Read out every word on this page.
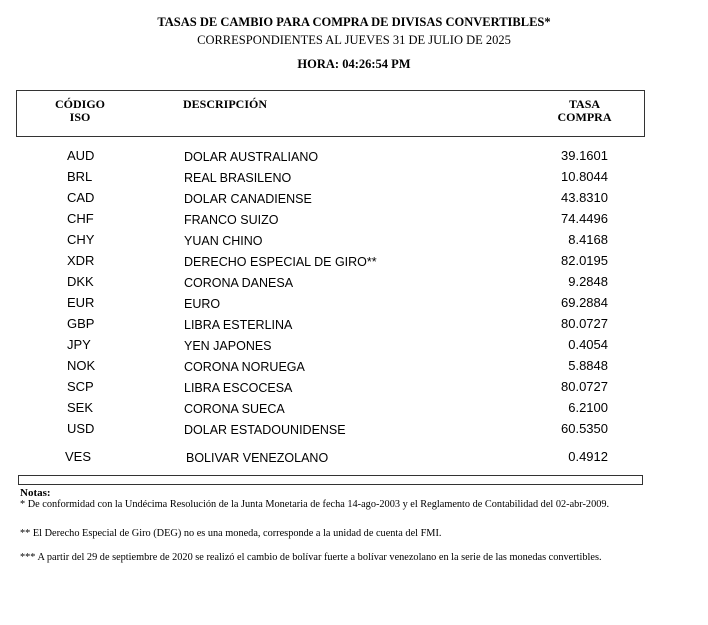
TASAS DE CAMBIO PARA COMPRA DE DIVISAS CONVERTIBLES*
CORRESPONDIENTES AL JUEVES 31 DE JULIO DE 2025
HORA: 04:26:54 PM
CÓDIGO
ISO
DESCRIPCIÓN	TASA
COMPRA
AUD	DOLAR AUSTRALIANO	39.1601
BRL	REAL BRASILENO	10.8044
CAD	DOLAR CANADIENSE	43.8310
CHF	FRANCO SUIZO	74.4496
CHY	YUAN CHINO	8.4168
XDR	DERECHO ESPECIAL DE GIRO**	82.0195
DKK	CORONA DANESA	9.2848
EUR	EURO	69.2884
GBP	LIBRA ESTERLINA	80.0727
JPY	YEN JAPONES	0.4054
NOK	CORONA NORUEGA	5.8848
SCP	LIBRA ESCOCESA	80.0727
SEK	CORONA SUECA	6.2100
USD	DOLAR ESTADOUNIDENSE	60.5350
VES	BOLIVAR VENEZOLANO	0.4912
Notas:

* De conformidad con la Undécima Resolución de la Junta Monetaria de fecha 14-ago-2003 y el Reglamento de Contabilidad del 02-abr-2009.

** El Derecho Especial de Giro (DEG) no es una moneda, corresponde a la unidad de cuenta del FMI.

*** A partir del 29 de septiembre de 2020 se realizó el cambio de bolívar fuerte a bolívar venezolano en la serie de las monedas convertibles.
